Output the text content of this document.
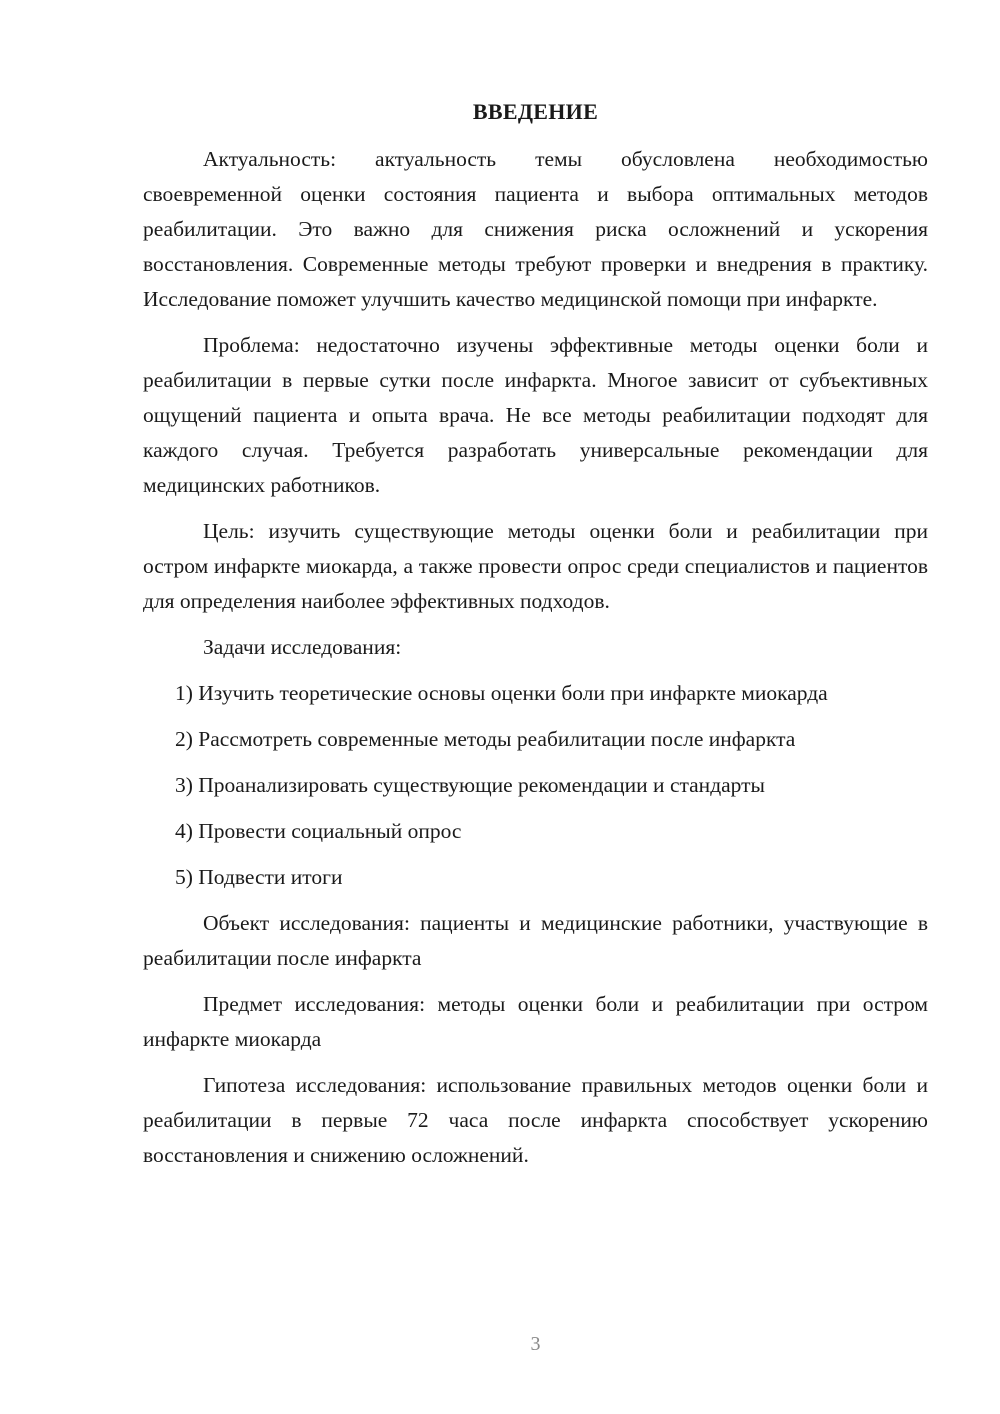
ВВЕДЕНИЕ

Актуальность: актуальность темы обусловлена необходимостью своевременной оценки состояния пациента и выбора оптимальных методов реабилитации. Это важно для снижения риска осложнений и ускорения восстановления. Современные методы требуют проверки и внедрения в практику. Исследование поможет улучшить качество медицинской помощи при инфаркте.

Проблема: недостаточно изучены эффективные методы оценки боли и реабилитации в первые сутки после инфаркта. Многое зависит от субъективных ощущений пациента и опыта врача. Не все методы реабилитации подходят для каждого случая. Требуется разработать универсальные рекомендации для медицинских работников.

Цель: изучить существующие методы оценки боли и реабилитации при остром инфаркте миокарда, а также провести опрос среди специалистов и пациентов для определения наиболее эффективных подходов.

Задачи исследования:

1) Изучить теоретические основы оценки боли при инфаркте миокарда

2) Рассмотреть современные методы реабилитации после инфаркта

3) Проанализировать существующие рекомендации и стандарты

4) Провести социальный опрос

5) Подвести итоги

Объект исследования: пациенты и медицинские работники, участвующие в реабилитации после инфаркта

Предмет исследования: методы оценки боли и реабилитации при остром инфаркте миокарда

Гипотеза исследования: использование правильных методов оценки боли и реабилитации в первые 72 часа после инфаркта способствует ускорению восстановления и снижению осложнений.

3
